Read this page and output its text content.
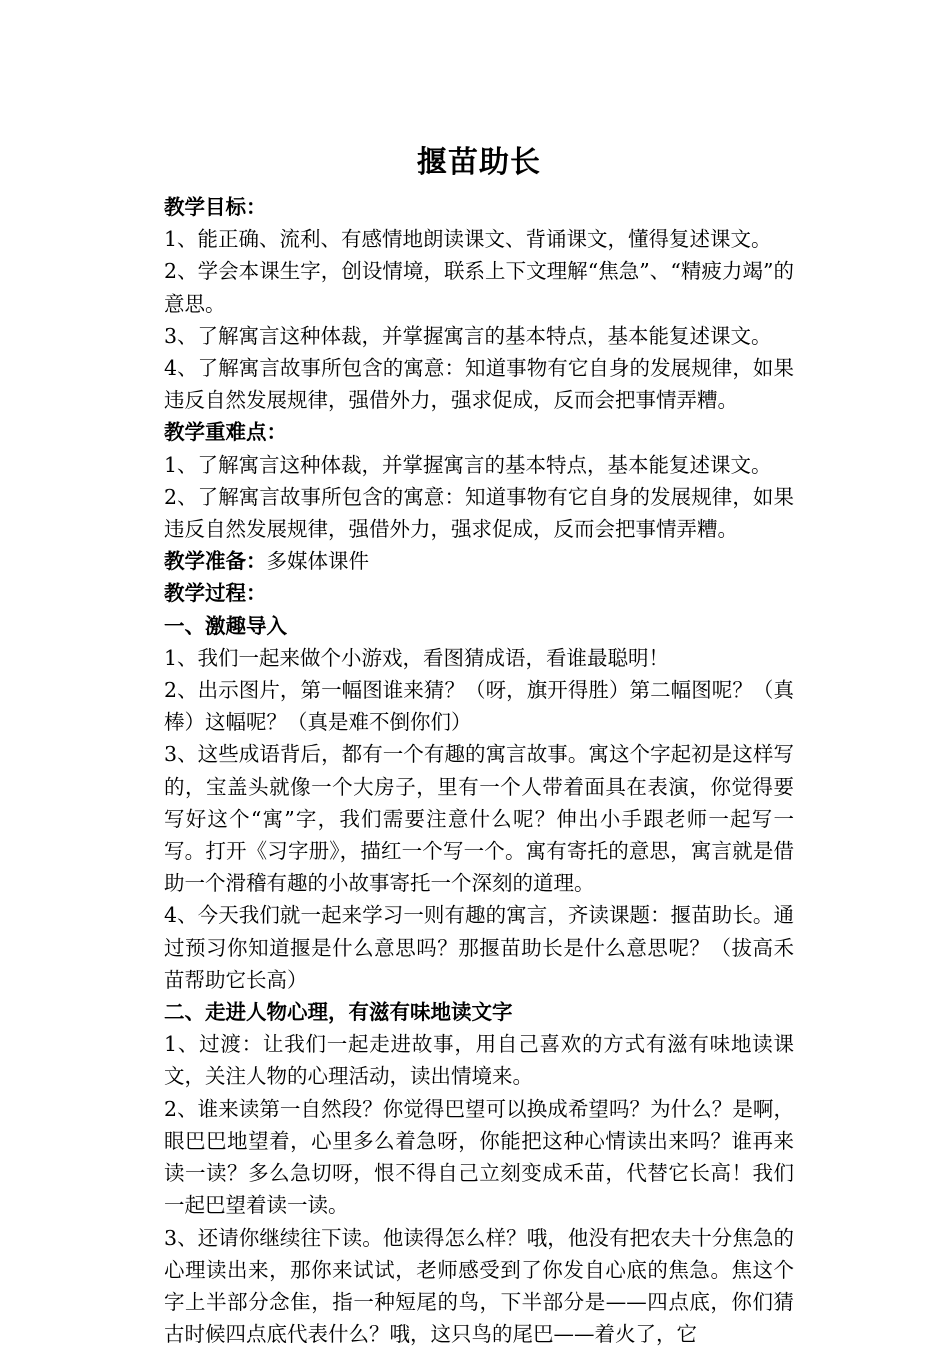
揠苗助长

教学目标：

1、能正确、流利、有感情地朗读课文、背诵课文，懂得复述课文。

2、学会本课生字，创设情境，联系上下文理解“焦急”、“精疲力竭”的意思。

3、了解寓言这种体裁，并掌握寓言的基本特点，基本能复述课文。

4、了解寓言故事所包含的寓意：知道事物有它自身的发展规律，如果违反自然发展规律，强借外力，强求促成，反而会把事情弄糟。

教学重难点：

1、了解寓言这种体裁，并掌握寓言的基本特点，基本能复述课文。

2、了解寓言故事所包含的寓意：知道事物有它自身的发展规律，如果违反自然发展规律，强借外力，强求促成，反而会把事情弄糟。

教学准备：多媒体课件

教学过程：

一、激趣导入

1、我们一起来做个小游戏，看图猜成语，看谁最聪明！

2、出示图片，第一幅图谁来猜？（呀，旗开得胜）第二幅图呢？（真棒）这幅呢？（真是难不倒你们）

3、这些成语背后，都有一个有趣的寓言故事。寓这个字起初是这样写的，宝盖头就像一个大房子，里有一个人带着面具在表演，你觉得要写好这个“寓”字，我们需要注意什么呢？伸出小手跟老师一起写一写。打开《习字册》，描红一个写一个。寓有寄托的意思，寓言就是借助一个滑稽有趣的小故事寄托一个深刻的道理。

4、今天我们就一起来学习一则有趣的寓言，齐读课题：揠苗助长。通过预习你知道揠是什么意思吗？那揠苗助长是什么意思呢？（拔高禾苗帮助它长高）

二、走进人物心理，有滋有味地读文字

1、过渡：让我们一起走进故事，用自己喜欢的方式有滋有味地读课文，关注人物的心理活动，读出情境来。

2、谁来读第一自然段？你觉得巴望可以换成希望吗？为什么？是啊，眼巴巴地望着，心里多么着急呀，你能把这种心情读出来吗？谁再来读一读？多么急切呀，恨不得自己立刻变成禾苗，代替它长高！我们一起巴望着读一读。

3、还请你继续往下读。他读得怎么样？哦，他没有把农夫十分焦急的心理读出来，那你来试试，老师感受到了你发自心底的焦急。焦这个字上半部分念隹，指一种短尾的鸟，下半部分是——四点底，你们猜古时候四点底代表什么？哦，这只鸟的尾巴——着火了，它
